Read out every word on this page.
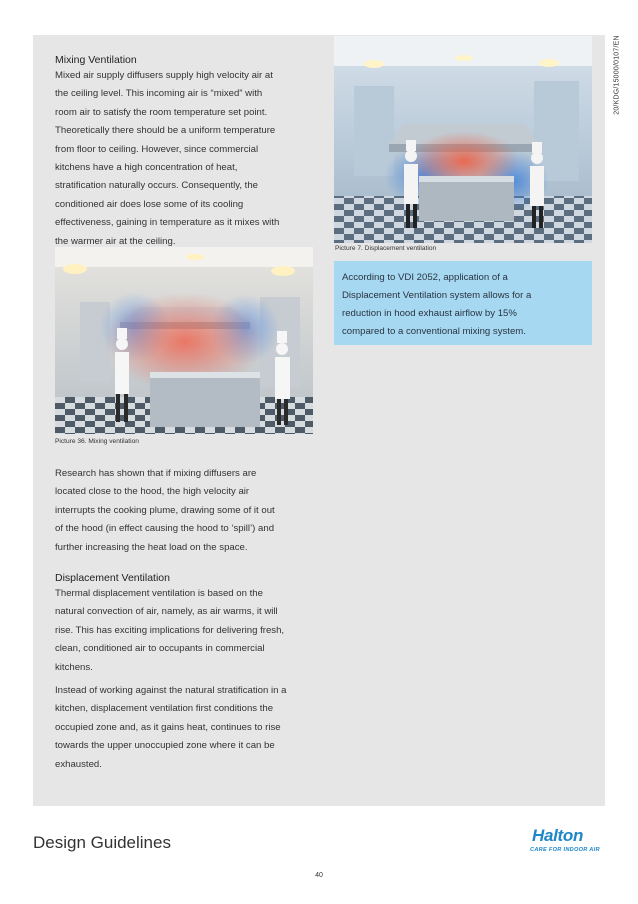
20/KDG/15000/0107/EN
Mixing Ventilation
Mixed air supply diffusers supply high velocity air at
the ceiling level. This incoming air is “mixed” with
room air to satisfy the room temperature set point.
Theoretically there should be a uniform temperature
from floor to ceiling. However, since commercial
kitchens have a high concentration of heat,
stratification naturally occurs. Consequently, the
conditioned air does lose some of its cooling
effectiveness, gaining in temperature as it mixes with
the warmer air at the ceiling.
Picture 7. Displacement ventilation
According to VDI 2052, application of a
Displacement Ventilation system allows for a
reduction in hood exhaust airflow by 15%
compared to a conventional mixing system.
Picture 36. Mixing ventilation
Research has shown that if mixing diffusers are
located close to the hood, the high velocity air
interrupts the cooking plume, drawing some of it out
of the hood (in effect causing the hood to ‘spill’) and
further increasing the heat load on the space.
Displacement Ventilation
Thermal displacement ventilation is based on the
natural convection of air, namely, as air warms, it will
rise. This has exciting implications for delivering fresh,
clean, conditioned air to occupants in commercial
kitchens.
Instead of working against the natural stratification in a
kitchen, displacement ventilation first conditions the
occupied zone and, as it gains heat, continues to rise
towards the upper unoccupied zone where it can be
exhausted.
Design Guidelines
40
Halton
CARE FOR INDOOR AIR
